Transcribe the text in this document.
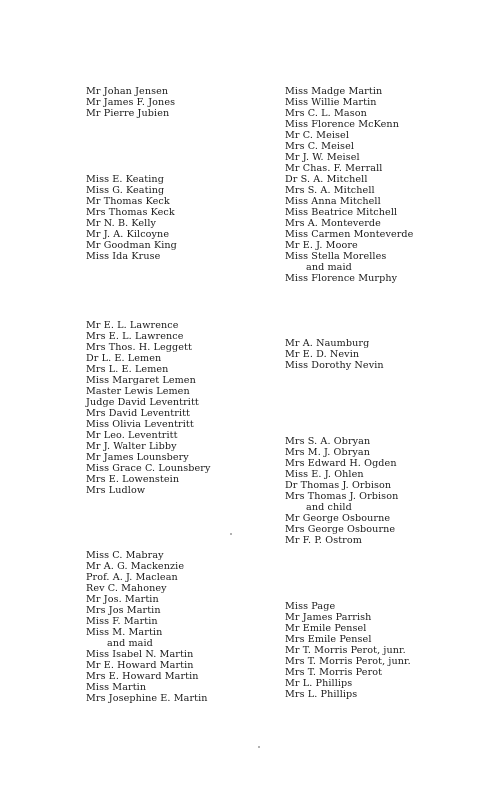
Mr Johan Jensen
Mr James F. Jones
Mr Pierre Jubien
Miss E. Keating
Miss G. Keating
Mr Thomas Keck
Mrs Thomas Keck
Mr N. B. Kelly
Mr J. A. Kilcoyne
Mr Goodman King
Miss Ida Kruse
Mr E. L. Lawrence
Mrs E. L. Lawrence
Mrs Thos. H. Leggett
Dr L. E. Lemen
Mrs L. E. Lemen
Miss Margaret Lemen
Master Lewis Lemen
Judge David Leventritt
Mrs David Leventritt
Miss Olivia Leventritt
Mr Leo. Leventritt
Mr J. Walter Libby
Mr James Lounsbery
Miss Grace C. Lounsbery
Mrs E. Lowenstein
Mrs Ludlow
Miss C. Mabray
Mr A. G. Mackenzie
Prof. A. J. Maclean
Rev C. Mahoney
Mr Jos. Martin
Mrs Jos Martin
Miss F. Martin
Miss M. Martin
and maid
Miss Isabel N. Martin
Mr E. Howard Martin
Mrs E. Howard Martin
Miss Martin
Mrs Josephine E. Martin
Miss Madge Martin
Miss Willie Martin
Mrs C. L. Mason
Miss Florence McKenn
Mr C. Meisel
Mrs C. Meisel
Mr J. W. Meisel
Mr Chas. F. Merrall
Dr S. A. Mitchell
Mrs S. A. Mitchell
Miss Anna Mitchell
Miss Beatrice Mitchell
Mrs A. Monteverde
Miss Carmen Monteverde
Mr E. J. Moore
Miss Stella Morelles
and maid
Miss Florence Murphy
Mr A. Naumburg
Mr E. D. Nevin
Miss Dorothy Nevin
Mrs S. A. Obryan
Mrs M. J. Obryan
Mrs Edward H. Ogden
Miss E. J. Ohlen
Dr Thomas J. Orbison
Mrs Thomas J. Orbison
and child
Mr George Osbourne
Mrs George Osbourne
Mr F. P. Ostrom
Miss Page
Mr James Parrish
Mr Emile Pensel
Mrs Emile Pensel
Mr T. Morris Perot, junr.
Mrs T. Morris Perot, junr.
Mrs T. Morris Perot
Mr L. Phillips
Mrs L. Phillips
